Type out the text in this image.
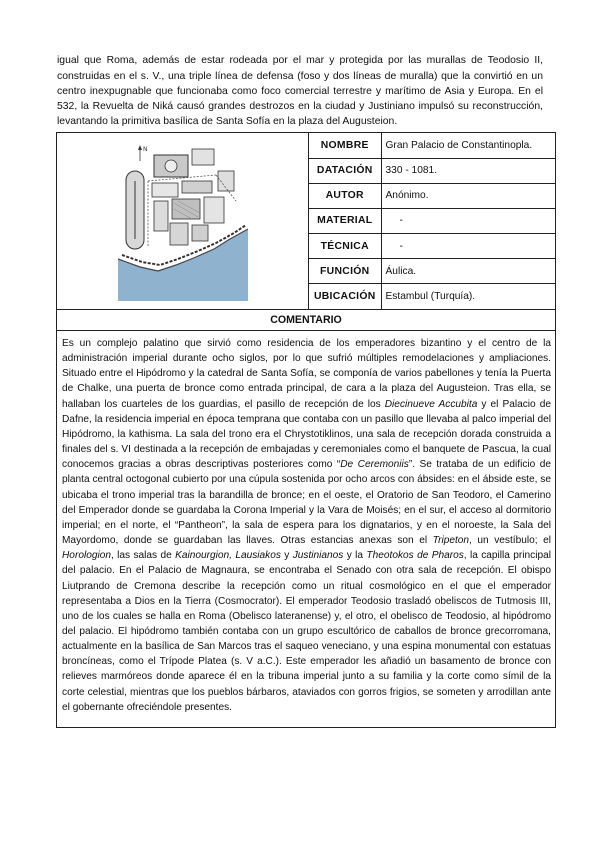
igual que Roma, además de estar rodeada por el mar y protegida por las murallas de Teodosio II, construidas en el s. V., una triple línea de defensa (foso y dos líneas de muralla) que la convirtió en un centro inexpugnable que funcionaba como foco comercial terrestre y marítimo de Asia y Europa. En el 532, la Revuelta de Niká causó grandes destrozos en la ciudad y Justiniano impulsó su reconstrucción, levantando la primitiva basílica de Santa Sofía en la plaza del Augusteion.

N	NOMBRE	Gran Palacio de Constantinopla.
DATACIÓN	330 - 1081.
AUTOR	Anónimo.
MATERIAL	-
TÉCNICA	-
FUNCIÓN	Áulica.
UBICACIÓN	Estambul (Turquía).
COMENTARIO
Es un complejo palatino que sirvió como residencia de los emperadores bizantino y el centro de la administración imperial durante ocho siglos, por lo que sufrió múltiples remodelaciones y ampliaciones. Situado entre el Hipódromo y la catedral de Santa Sofía, se componía de varios pabellones y tenía la Puerta de Chalke, una puerta de bronce como entrada principal, de cara a la plaza del Augusteion. Tras ella, se hallaban los cuarteles de los guardias, el pasillo de recepción de los Diecinueve Accubita y el Palacio de Dafne, la residencia imperial en época temprana que contaba con un pasillo que llevaba al palco imperial del Hipódromo, la kathisma. La sala del trono era el Chrystotiklinos, una sala de recepción dorada construida a finales del s. VI destinada a la recepción de embajadas y ceremoniales como el banquete de Pascua, la cual conocemos gracias a obras descriptivas posteriores como “De Ceremoniis”. Se trataba de un edificio de planta central octogonal cubierto por una cúpula sostenida por ocho arcos con ábsides: en el ábside este, se ubicaba el trono imperial tras la barandilla de bronce; en el oeste, el Oratorio de San Teodoro, el Camerino del Emperador donde se guardaba la Corona Imperial y la Vara de Moisés; en el sur, el acceso al dormitorio imperial; en el norte, el “Pantheon”, la sala de espera para los dignatarios, y en el noroeste, la Sala del Mayordomo, donde se guardaban las llaves. Otras estancias anexas son el Tripeton, un vestíbulo; el Horologion, las salas de Kainourgion, Lausiakos y Justinianos y la Theotokos de Pharos, la capilla principal del palacio. En el Palacio de Magnaura, se encontraba el Senado con otra sala de recepción. El obispo Liutprando de Cremona describe la recepción como un ritual cosmológico en el que el emperador representaba a Dios en la Tierra (Cosmocrator). El emperador Teodosio trasladó obeliscos de Tutmosis III, uno de los cuales se halla en Roma (Obelisco lateranense) y, el otro, el obelisco de Teodosio, al hipódromo del palacio. El hipódromo también contaba con un grupo escultórico de caballos de bronce grecorromana, actualmente en la basílica de San Marcos tras el saqueo veneciano, y una espina monumental con estatuas broncíneas, como el Trípode Platea (s. V a.C.). Este emperador les añadió un basamento de bronce con relieves marmóreos donde aparece él en la tribuna imperial junto a su familia y la corte como símil de la corte celestial, mientras que los pueblos bárbaros, ataviados con gorros frigios, se someten y arrodillan ante el gobernante ofreciéndole presentes.
